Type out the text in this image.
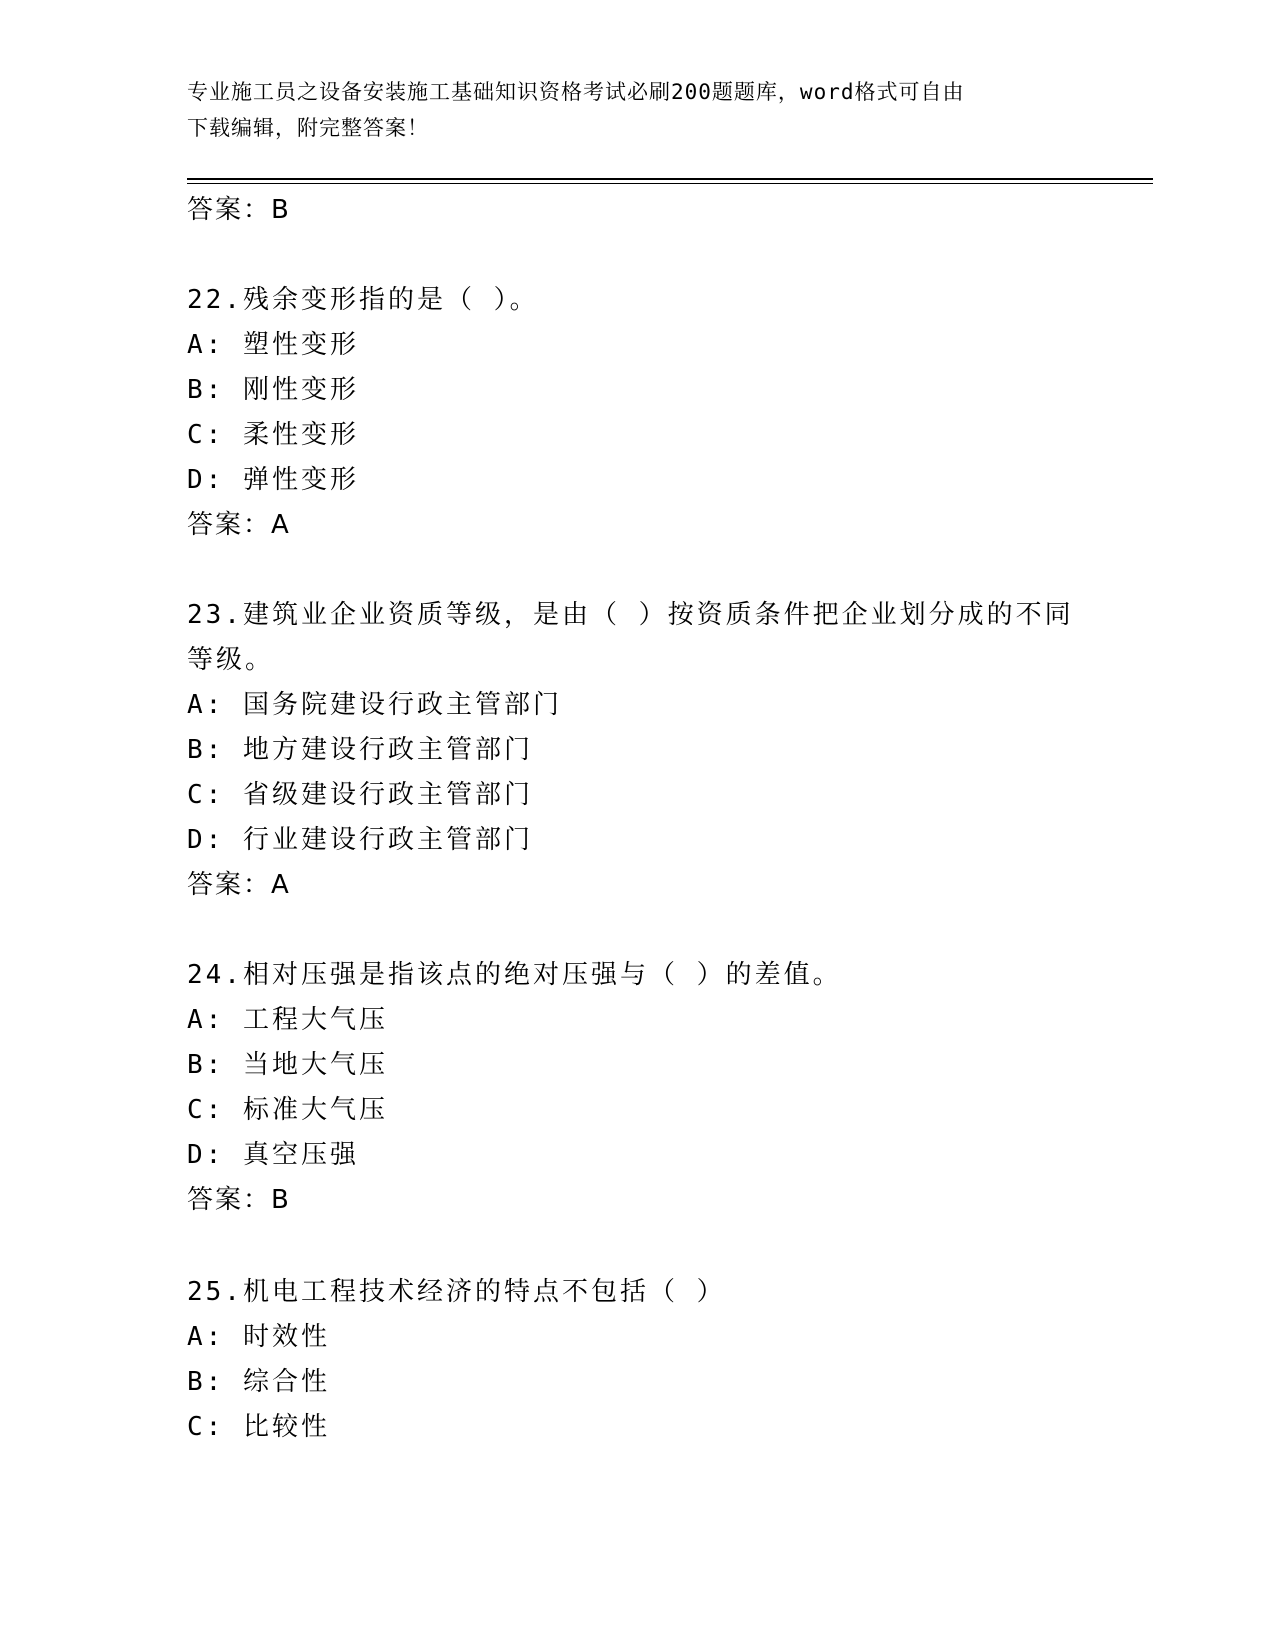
专业施工员之设备安装施工基础知识资格考试必刷200题题库，word格式可自由
下载编辑，附完整答案！
答案：B
22.残余变形指的是（ ）。
A: 塑性变形
B: 刚性变形
C: 柔性变形
D: 弹性变形
答案：A
23.建筑业企业资质等级，是由（ ）按资质条件把企业划分成的不同
等级。
A: 国务院建设行政主管部门
B: 地方建设行政主管部门
C: 省级建设行政主管部门
D: 行业建设行政主管部门
答案：A
24.相对压强是指该点的绝对压强与（ ）的差值。
A: 工程大气压
B: 当地大气压
C: 标准大气压
D: 真空压强
答案：B
25.机电工程技术经济的特点不包括（ ）
A: 时效性
B: 综合性
C: 比较性
